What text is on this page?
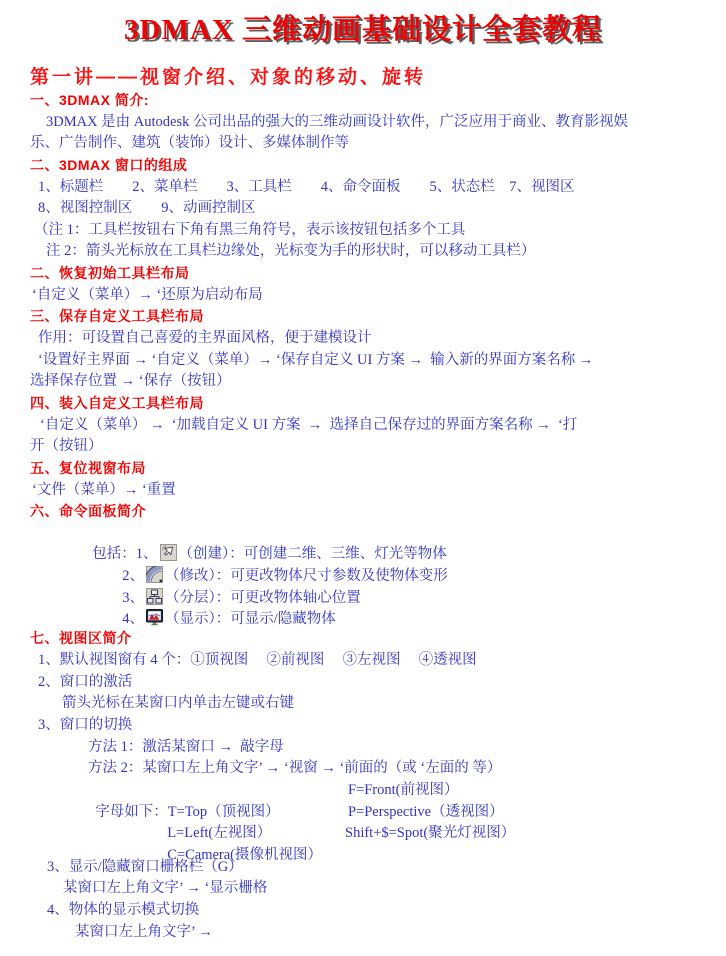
3DMAX 三维动画基础设计全套教程
第一讲——视窗介绍、对象的移动、旋转
一、3DMAX 简介:
3DMAX 是由 Autodesk 公司出品的强大的三维动画设计软件，广泛应用于商业、教育影视娱
乐、广告制作、建筑（装饰）设计、多媒体制作等
二、3DMAX 窗口的组成
1、标题栏　　2、菜单栏　　3、工具栏　　4、命令面板　　5、状态栏　7、视图区
8、视图控制区　　9、动画控制区
（注 1：工具栏按钮右下角有黑三角符号，表示该按钮包括多个工具
注 2：箭头光标放在工具栏边缘处，光标变为手的形状时，可以移动工具栏）
二、恢复初始工具栏布局
‘自定义（菜单）→ ‘还原为启动布局
三、保存自定义工具栏布局
作用：可设置自己喜爱的主界面风格，便于建模设计
‘设置好主界面 → ‘自定义（菜单）→ ‘保存自定义 UI 方案 →  输入新的界面方案名称 →
选择保存位置 → ‘保存（按钮）
四、装入自定义工具栏布局
‘自定义（菜单） →  ‘加载自定义 UI 方案  →  选择自己保存过的界面方案名称 →  ‘打
开（按钮）
五、复位视窗布局
‘文件（菜单）→ ‘重置
六、命令面板简介

包括：1、 （创建）：可创建二维、三维、灯光等物体

2、 （修改）：可更改物体尺寸参数及使物体变形

3、 （分层）：可更改物体轴心位置

4、 （显示）：可显示/隐藏物体

七、视图区简介
1、默认视图窗有 4 个：①顶视图　 ②前视图　 ③左视图　 ④透视图
2、窗口的激活
箭头光标在某窗口内单击左键或右键
3、窗口的切换
方法 1：激活某窗口 →  敲字母
方法 2：某窗口左上角文字’ → ‘视窗 → ‘前面的（或 ‘左面的 等）

字母如下：T=Top（顶视图）

F=Front(前视图）

L=Left(左视图）

P=Perspective（透视图）

C=Camera(摄像机视图）

Shift+$=Spot(聚光灯视图）

3、显示/隐藏窗口栅格栏（G）
某窗口左上角文字’ → ‘显示栅格
4、物体的显示模式切换
某窗口左上角文字’ →
